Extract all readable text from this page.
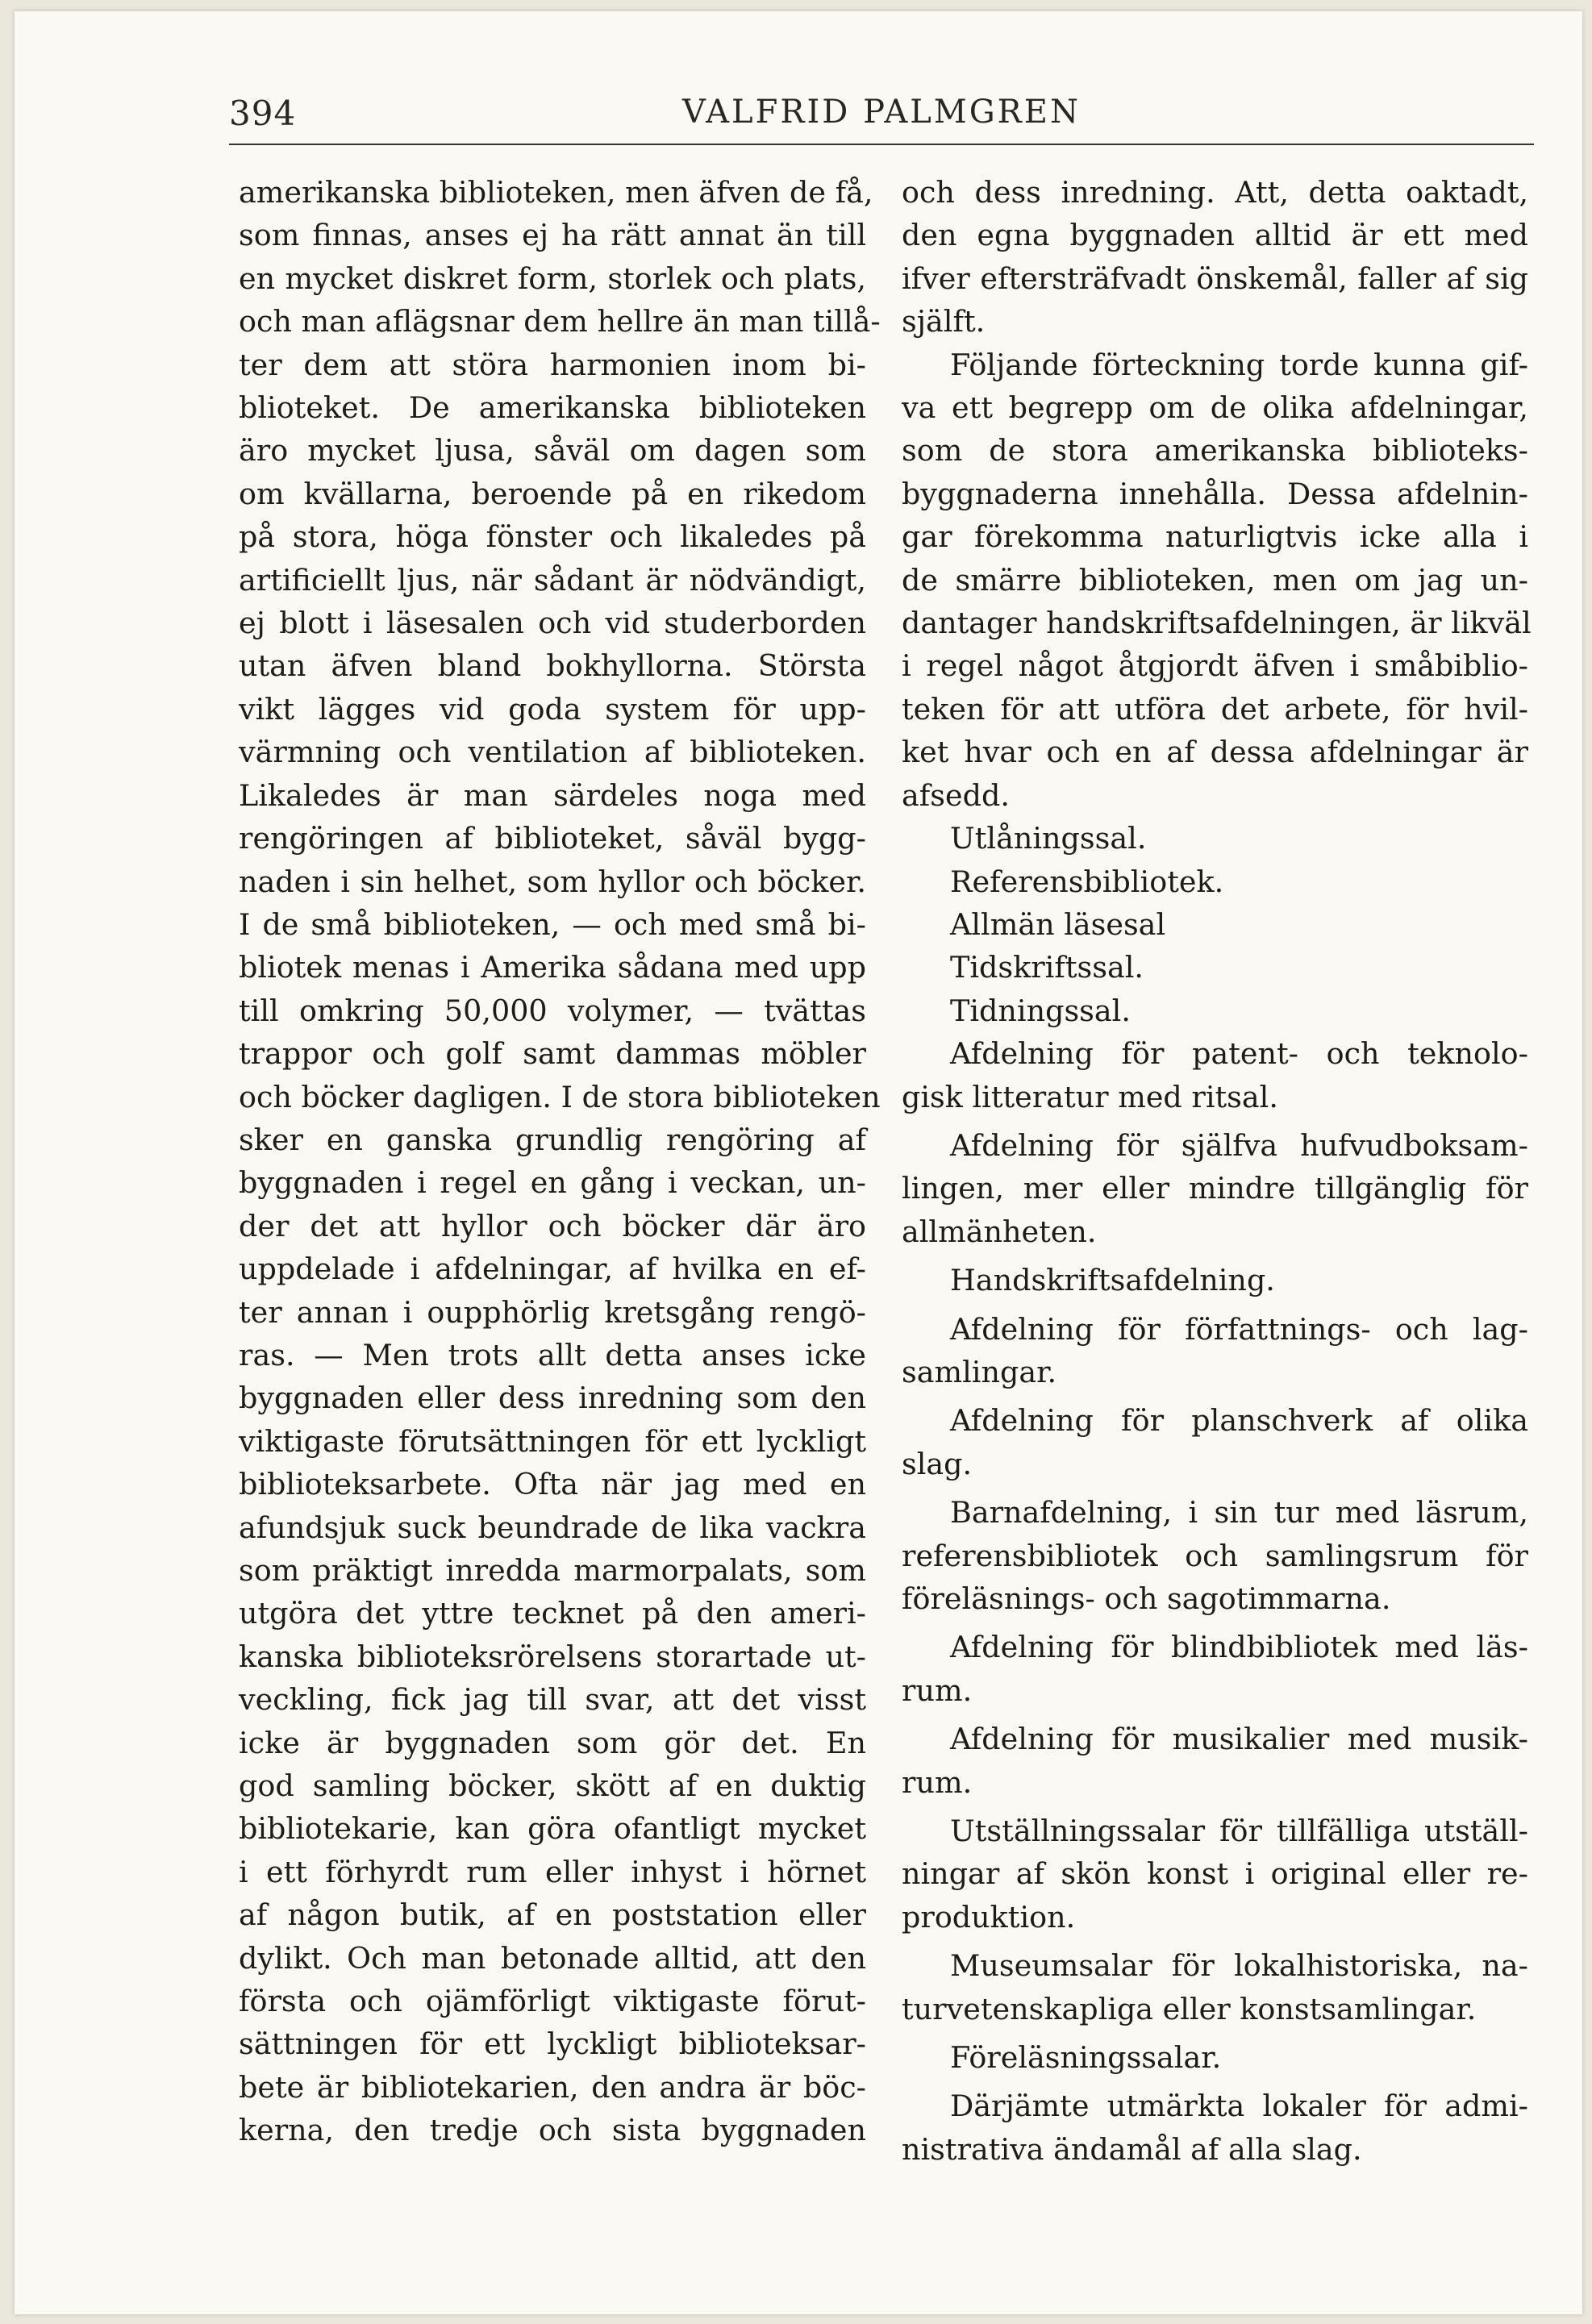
394	VALFRID PALMGREN
amerikanska biblioteken, men äfven de få,
som finnas, anses ej ha rätt annat än till
en mycket diskret form, storlek och plats,
och man aflägsnar dem hellre än man tillå-
ter dem att störa harmonien inom bi-
blioteket. De amerikanska biblioteken
äro mycket ljusa, såväl om dagen som
om kvällarna, beroende på en rikedom
på stora, höga fönster och likaledes på
artificiellt ljus, när sådant är nödvändigt,
ej blott i läsesalen och vid studerborden
utan äfven bland bokhyllorna. Största
vikt lägges vid goda system för upp-
värmning och ventilation af biblioteken.
Likaledes är man särdeles noga med
rengöringen af biblioteket, såväl bygg-
naden i sin helhet, som hyllor och böcker.
I de små biblioteken, — och med små bi-
bliotek menas i Amerika sådana med upp
till omkring 50,000 volymer, — tvättas
trappor och golf samt dammas möbler
och böcker dagligen. I de stora biblioteken
sker en ganska grundlig rengöring af
byggnaden i regel en gång i veckan, un-
der det att hyllor och böcker där äro
uppdelade i afdelningar, af hvilka en ef-
ter annan i oupphörlig kretsgång rengö-
ras. — Men trots allt detta anses icke
byggnaden eller dess inredning som den
viktigaste förutsättningen för ett lyckligt
biblioteksarbete. Ofta när jag med en
afundsjuk suck beundrade de lika vackra
som präktigt inredda marmorpalats, som
utgöra det yttre tecknet på den ameri-
kanska biblioteksrörelsens storartade ut-
veckling, fick jag till svar, att det visst
icke är byggnaden som gör det. En
god samling böcker, skött af en duktig
bibliotekarie, kan göra ofantligt mycket
i ett förhyrdt rum eller inhyst i hörnet
af någon butik, af en poststation eller
dylikt. Och man betonade alltid, att den
första och ojämförligt viktigaste förut-
sättningen för ett lyckligt biblioteksar-
bete är bibliotekarien, den andra är böc-
kerna, den tredje och sista byggnaden
och dess inredning. Att, detta oaktadt,
den egna byggnaden alltid är ett med
ifver eftersträfvadt önskemål, faller af sig
själft.
Följande förteckning torde kunna gif-
va ett begrepp om de olika afdelningar,
som de stora amerikanska biblioteks-
byggnaderna innehålla. Dessa afdelnin-
gar förekomma naturligtvis icke alla i
de smärre biblioteken, men om jag un-
dantager handskriftsafdelningen, är likväl
i regel något åtgjordt äfven i småbiblio-
teken för att utföra det arbete, för hvil-
ket hvar och en af dessa afdelningar är
afsedd.
Utlåningssal.
Referensbibliotek.
Allmän läsesal
Tidskriftssal.
Tidningssal.
Afdelning för patent- och teknolo-
gisk litteratur med ritsal.
Afdelning för själfva hufvudboksam-
lingen, mer eller mindre tillgänglig för
allmänheten.
Handskriftsafdelning.
Afdelning för författnings- och lag-
samlingar.
Afdelning för planschverk af olika
slag.
Barnafdelning, i sin tur med läsrum,
referensbibliotek och samlingsrum för
föreläsnings- och sagotimmarna.
Afdelning för blindbibliotek med läs-
rum.
Afdelning för musikalier med musik-
rum.
Utställningssalar för tillfälliga utställ-
ningar af skön konst i original eller re-
produktion.
Museumsalar för lokalhistoriska, na-
turvetenskapliga eller konstsamlingar.
Föreläsningssalar.
Därjämte utmärkta lokaler för admi-
nistrativa ändamål af alla slag.
